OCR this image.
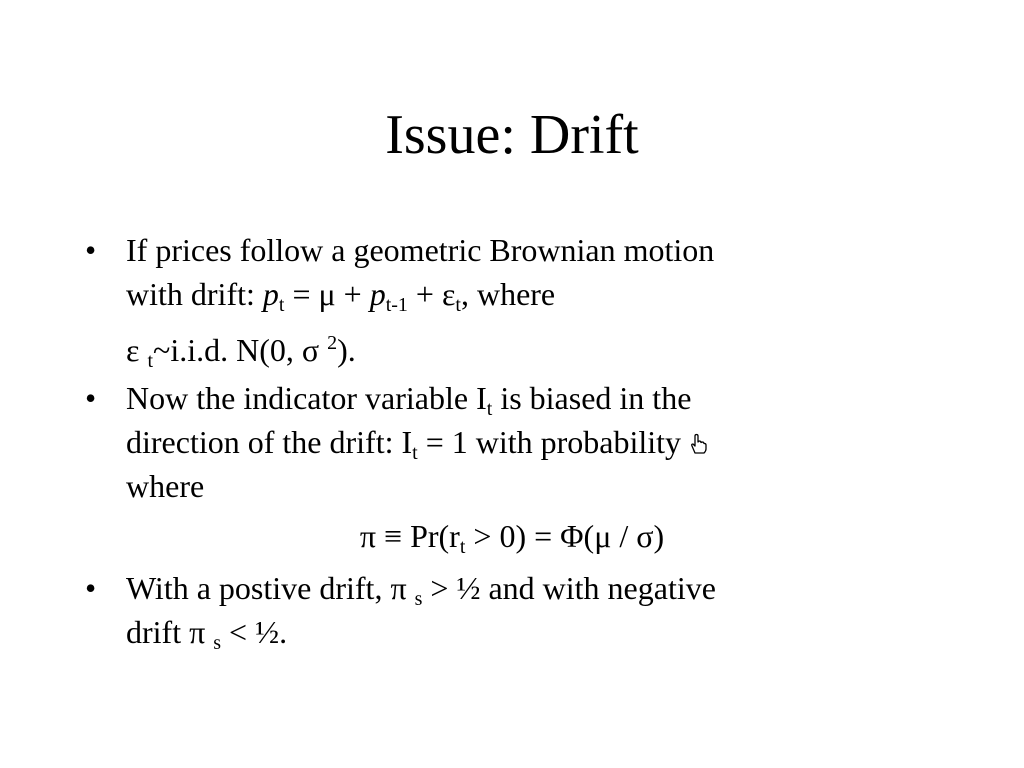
Issue: Drift
• If prices follow a geometric Brownian motion
with drift: $p_t = \mu + p_{t-1} + \varepsilon_t$, where
ε $_t$~i.i.d. N(0, σ $^2$).
• Now the indicator variable $I_t$ is biased in the
direction of the drift: $I_t = 1$ with probability
where
$\pi \equiv Pr(r_t > 0) = \Phi(\mu / \sigma)$
• With a postive drift, π $_s$ > ½ and with negative
drift π $_s$ < ½.
